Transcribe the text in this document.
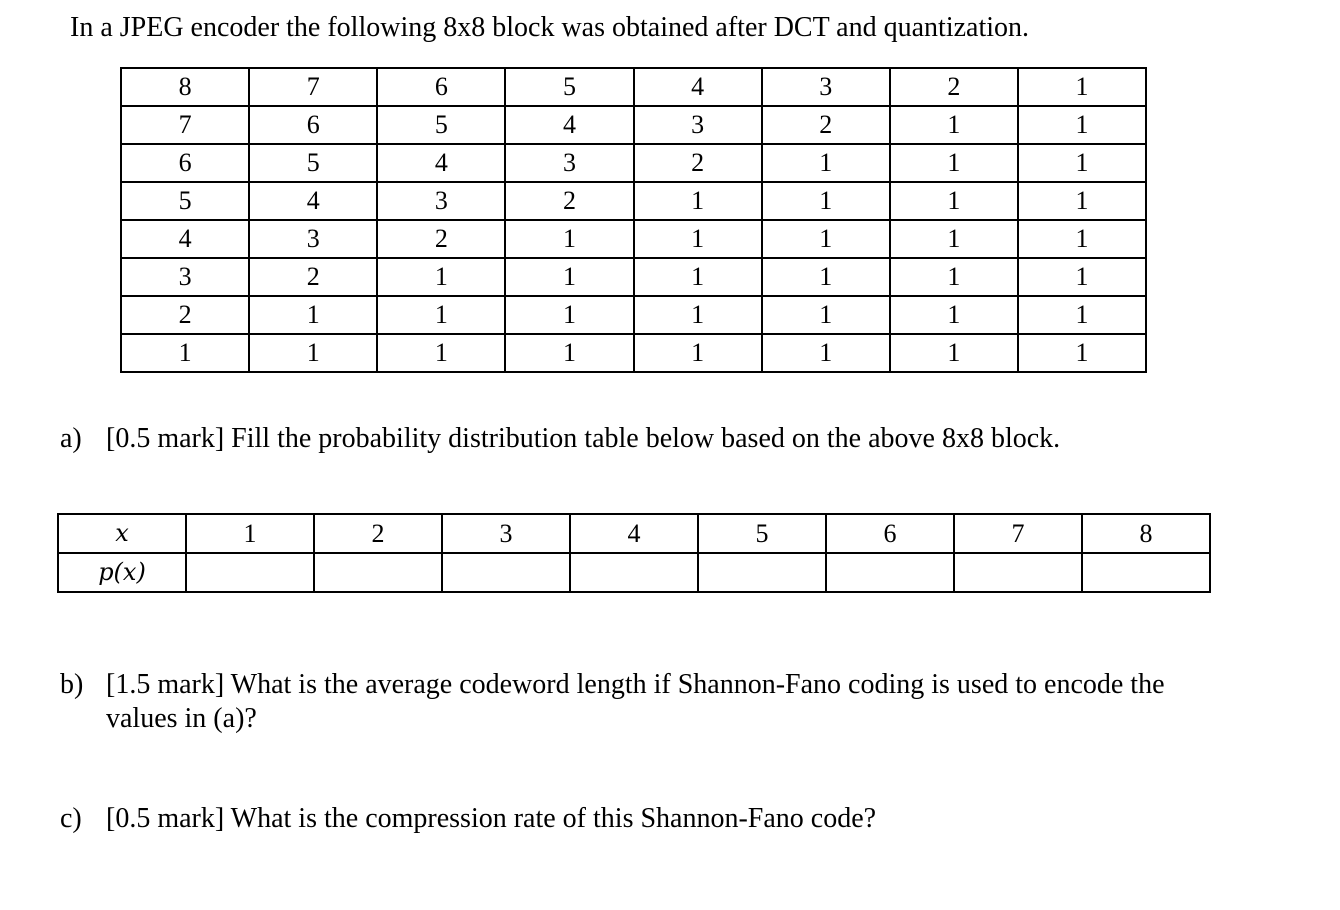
In a JPEG encoder the following 8x8 block was obtained after DCT and quantization.
8	7	6	5	4	3	2	1
7	6	5	4	3	2	1	1
6	5	4	3	2	1	1	1
5	4	3	2	1	1	1	1
4	3	2	1	1	1	1	1
3	2	1	1	1	1	1	1
2	1	1	1	1	1	1	1
1	1	1	1	1	1	1	1
a) [0.5 mark] Fill the probability distribution table below based on the above 8x8 block.
x	1	2	3	4	5	6	7	8
p(x)								
b) [1.5 mark] What is the average codeword length if Shannon-Fano coding is used to encode the values in (a)?
c) [0.5 mark] What is the compression rate of this Shannon-Fano code?
